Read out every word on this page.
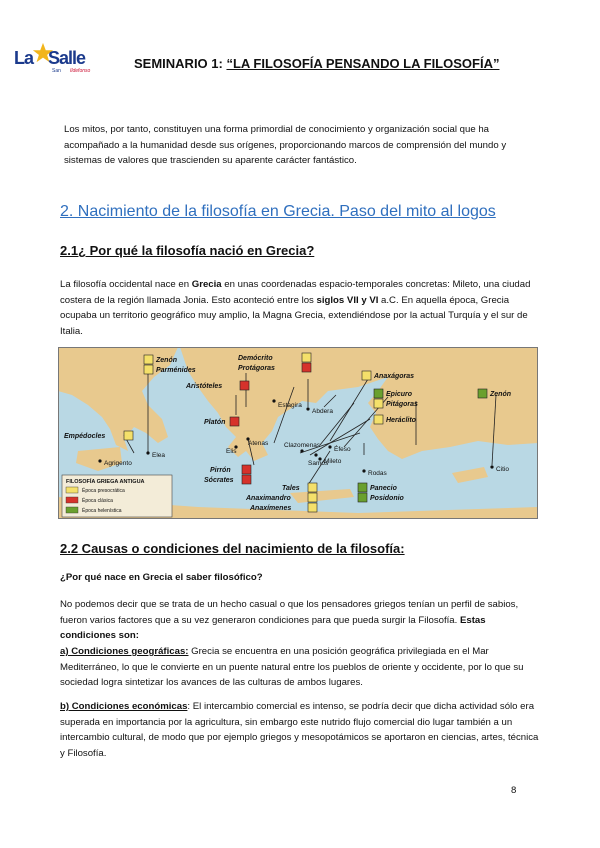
La Salle
San Ildefonso	SEMINARIO 1: “LA FILOSOFÍA PENSANDO LA FILOSOFÍA”
Los mitos, por tanto, constituyen una forma primordial de conocimiento y organización social que ha acompañado a la humanidad desde sus orígenes, proporcionando marcos de comprensión del mundo y sistemas de valores que trascienden su aparente carácter fantástico.
2. Nacimiento de la filosofía en Grecia. Paso del mito al logos
2.1¿ Por qué la filosofía nació en Grecia?
La filosofía occidental nace en Grecia en unas coordenadas espacio-temporales concretas: Mileto, una ciudad costera de la región llamada Jonia. Esto aconteció entre los siglos VII y VI a.C. En aquella época, Grecia ocupaba un territorio geográfico muy amplio, la Magna Grecia, extendiéndose por la actual Turquía y el sur de Italia.
Elea
Abdera
Estagira
Atenas
Elis
Clazomenas
Samos
Éfeso
Mileto
Rodas
Citio
Agrigento
Zenón
Parménides
Demócrito
Protágoras
Anaxágoras
Aristóteles
Epicuro
Pitágoras
Zenón
Platón	Heráclito
Empédocles
Pirrón
Sócrates
Tales
Anaximandro
Anaxímenes
Panecio
Posidonio
FILOSOFÍA GRIEGA ANTIGUA
Época presocrática
Época clásica
Época helenística
2.2 Causas o condiciones del nacimiento de la filosofía:
¿Por qué nace en Grecia el saber filosófico?
No podemos decir que se trata de un hecho casual o que los pensadores griegos tenían un perfil de sabios, fueron varios factores que a su vez generaron condiciones para que pueda surgir la Filosofía. Estas condiciones son:
a) Condiciones geográficas: Grecia se encuentra en una posición geográfica privilegiada en el Mar Mediterráneo, lo que le convierte en un puente natural entre los pueblos de oriente y occidente, por lo que su sociedad logra sintetizar los avances de las culturas de ambos lugares.
b) Condiciones económicas: El intercambio comercial es intenso, se podría decir que dicha actividad sólo era superada en importancia por la agricultura, sin embargo este nutrido flujo comercial dio lugar también a un intercambio cultural, de modo que por ejemplo griegos y mesopotámicos se aportaron en ciencias, artes, técnica y Filosofía.
8
